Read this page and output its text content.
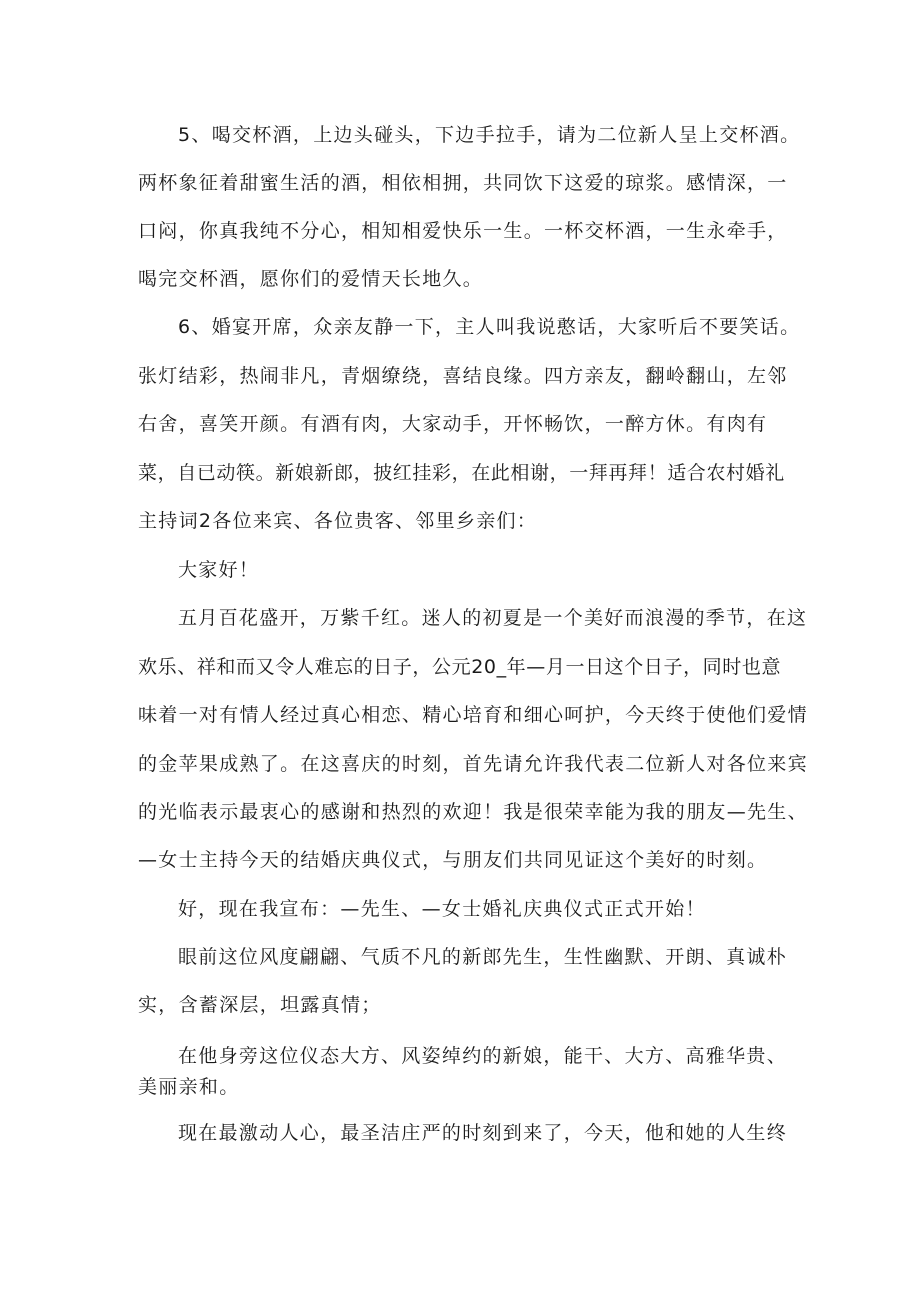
5、喝交杯酒，上边头碰头，下边手拉手，请为二位新人呈上交杯酒。
两杯象征着甜蜜生活的酒，相依相拥，共同饮下这爱的琼浆。感情深，一
口闷，你真我纯不分心，相知相爱快乐一生。一杯交杯酒，一生永牵手，
喝完交杯酒，愿你们的爱情天长地久。
6、婚宴开席，众亲友静一下，主人叫我说憨话，大家听后不要笑话。
张灯结彩，热闹非凡，青烟缭绕，喜结良缘。四方亲友，翻岭翻山，左邻
右舍，喜笑开颜。有酒有肉，大家动手，开怀畅饮，一醉方休。有肉有
菜，自已动筷。新娘新郎，披红挂彩，在此相谢，一拜再拜！适合农村婚礼
主持词2各位来宾、各位贵客、邻里乡亲们：
大家好！
五月百花盛开，万紫千红。迷人的初夏是一个美好而浪漫的季节，在这
欢乐、祥和而又令人难忘的日子，公元20_年—月一日这个日子，同时也意
味着一对有情人经过真心相恋、精心培育和细心呵护，今天终于使他们爱情
的金苹果成熟了。在这喜庆的时刻，首先请允许我代表二位新人对各位来宾
的光临表示最衷心的感谢和热烈的欢迎！我是很荣幸能为我的朋友—先生、
—女士主持今天的结婚庆典仪式，与朋友们共同见证这个美好的时刻。
好，现在我宣布：—先生、—女士婚礼庆典仪式正式开始！
眼前这位风度翩翩、气质不凡的新郎先生，生性幽默、开朗、真诚朴
实，含蓄深层，坦露真情；
在他身旁这位仪态大方、风姿绰约的新娘，能干、大方、高雅华贵、
美丽亲和。
现在最激动人心，最圣洁庄严的时刻到来了，今天，他和她的人生终
